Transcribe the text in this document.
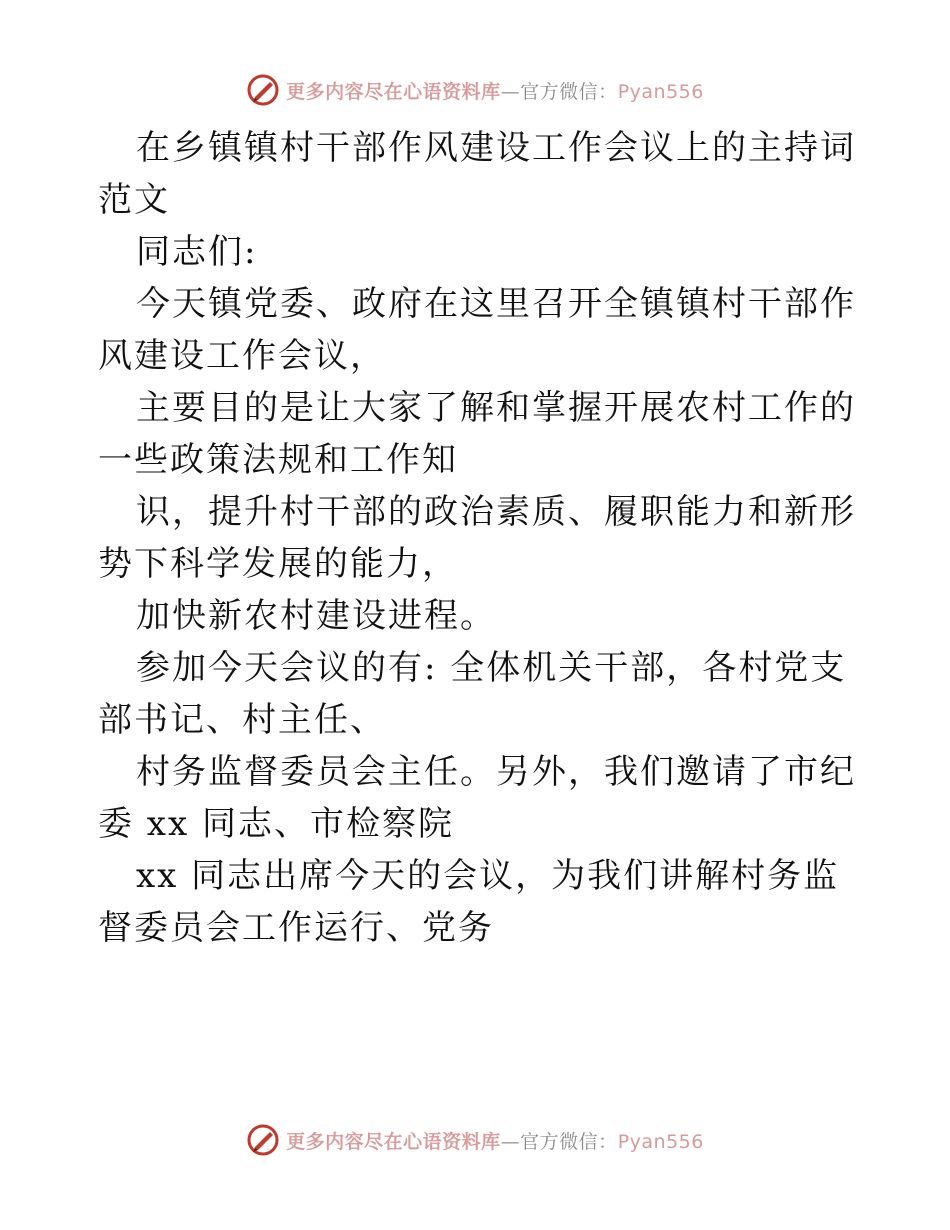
更多内容尽在心语资料库—官方微信：Pyan556

在乡镇镇村干部作风建设工作会议上的主持词范文

同志们:

今天镇党委、政府在这里召开全镇镇村干部作风建设工作会议，

主要目的是让大家了解和掌握开展农村工作的一些政策法规和工作知

识，提升村干部的政治素质、履职能力和新形势下科学发展的能力，

加快新农村建设进程。

参加今天会议的有: 全体机关干部，各村党支部书记、村主任、

村务监督委员会主任。另外，我们邀请了市纪委 xx 同志、市检察院

xx 同志出席今天的会议，为我们讲解村务监督委员会工作运行、党务

更多内容尽在心语资料库—官方微信：Pyan556
